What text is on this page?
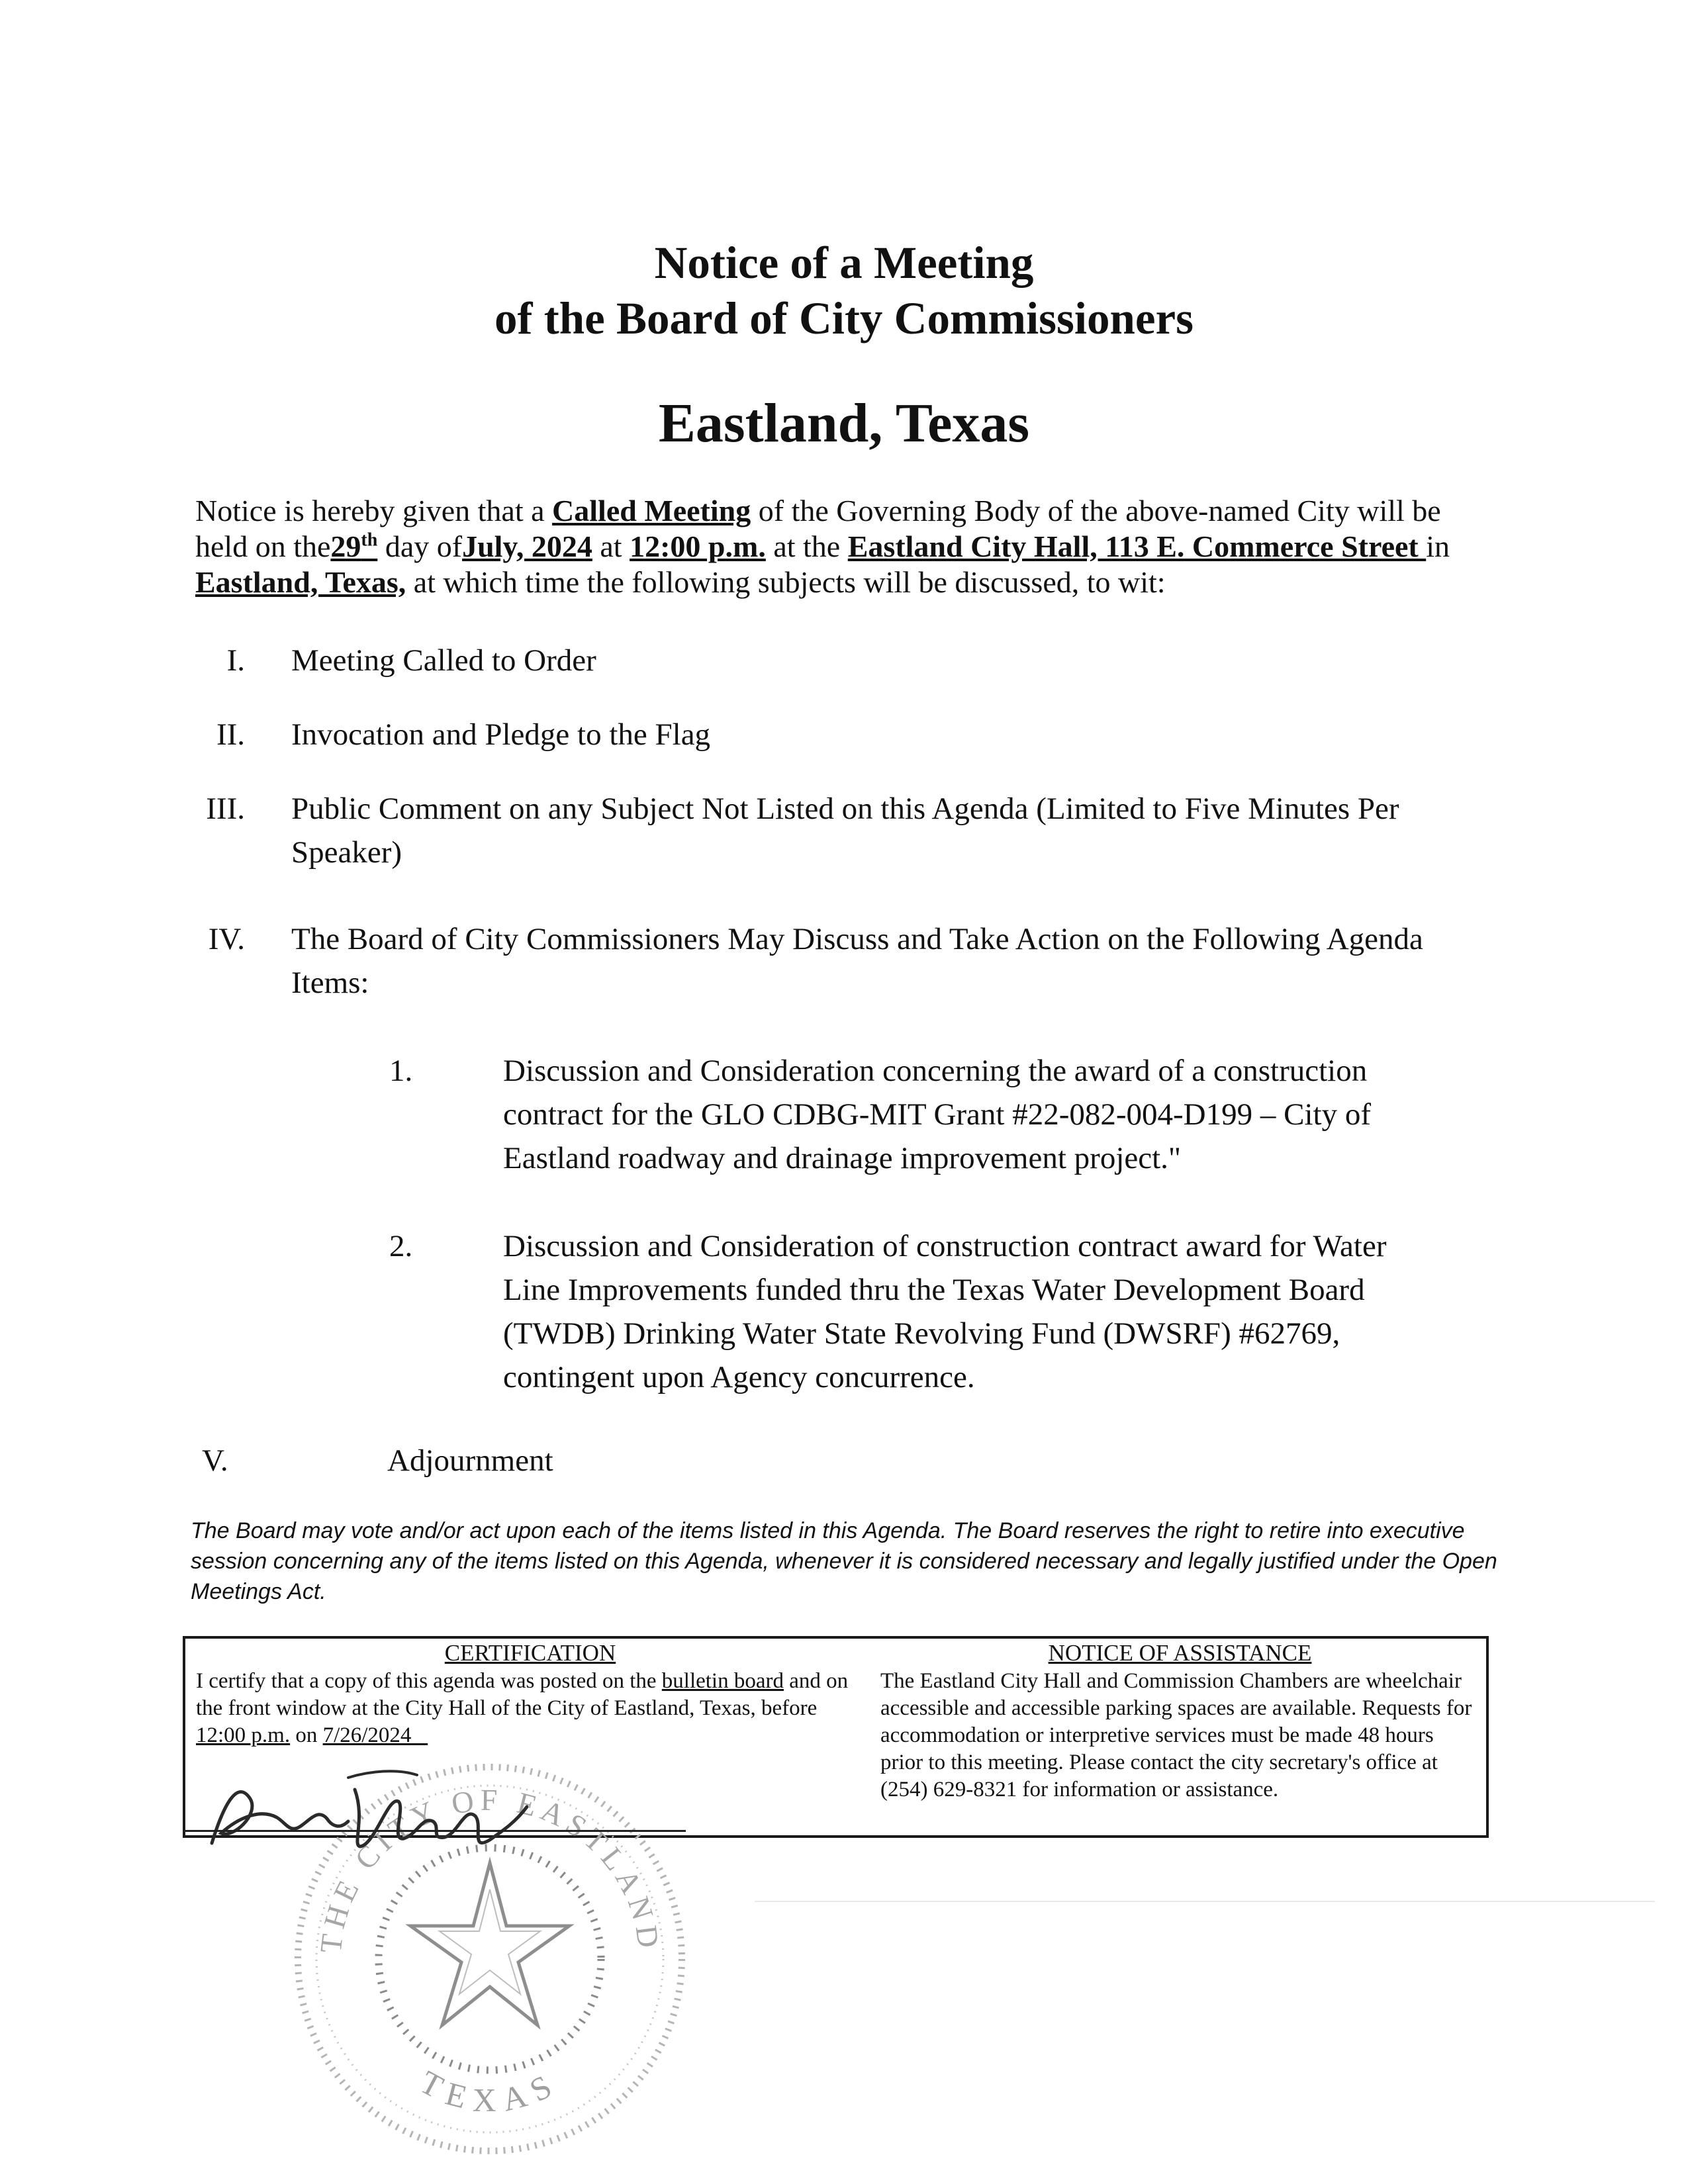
Notice of a Meeting
of the Board of City Commissioners
Eastland, Texas
Notice is hereby given that a Called Meeting of the Governing Body of the above-named City will be held on the29th day ofJuly, 2024 at 12:00 p.m. at the Eastland City Hall, 113 E. Commerce Street in Eastland, Texas, at which time the following subjects will be discussed, to wit:
I. Meeting Called to Order
II. Invocation and Pledge to the Flag
III. Public Comment on any Subject Not Listed on this Agenda (Limited to Five Minutes Per Speaker)
IV. The Board of City Commissioners May Discuss and Take Action on the Following Agenda Items:
1.	Discussion and Consideration concerning the award of a construction contract for the GLO CDBG-MIT Grant #22-082-004-D199 – City of Eastland roadway and drainage improvement project."
2.	Discussion and Consideration of construction contract award for Water Line Improvements funded thru the Texas Water Development Board (TWDB) Drinking Water State Revolving Fund (DWSRF) #62769, contingent upon Agency concurrence.
V.	Adjournment
The Board may vote and/or act upon each of the items listed in this Agenda. The Board reserves the right to retire into executive session concerning any of the items listed on this Agenda, whenever it is considered necessary and legally justified under the Open Meetings Act.
CERTIFICATION
I certify that a copy of this agenda was posted on the bulletin board and on the front window at the City Hall of the City of Eastland, Texas, before 12:00 p.m. on 7/26/2024
NOTICE OF ASSISTANCE
The Eastland City Hall and Commission Chambers are wheelchair accessible and accessible parking spaces are available. Requests for accommodation or interpretive services must be made 48 hours prior to this meeting. Please contact the city secretary's office at (254) 629-8321 for information or assistance.
THE CITY OF EASTLAND
TEXAS
